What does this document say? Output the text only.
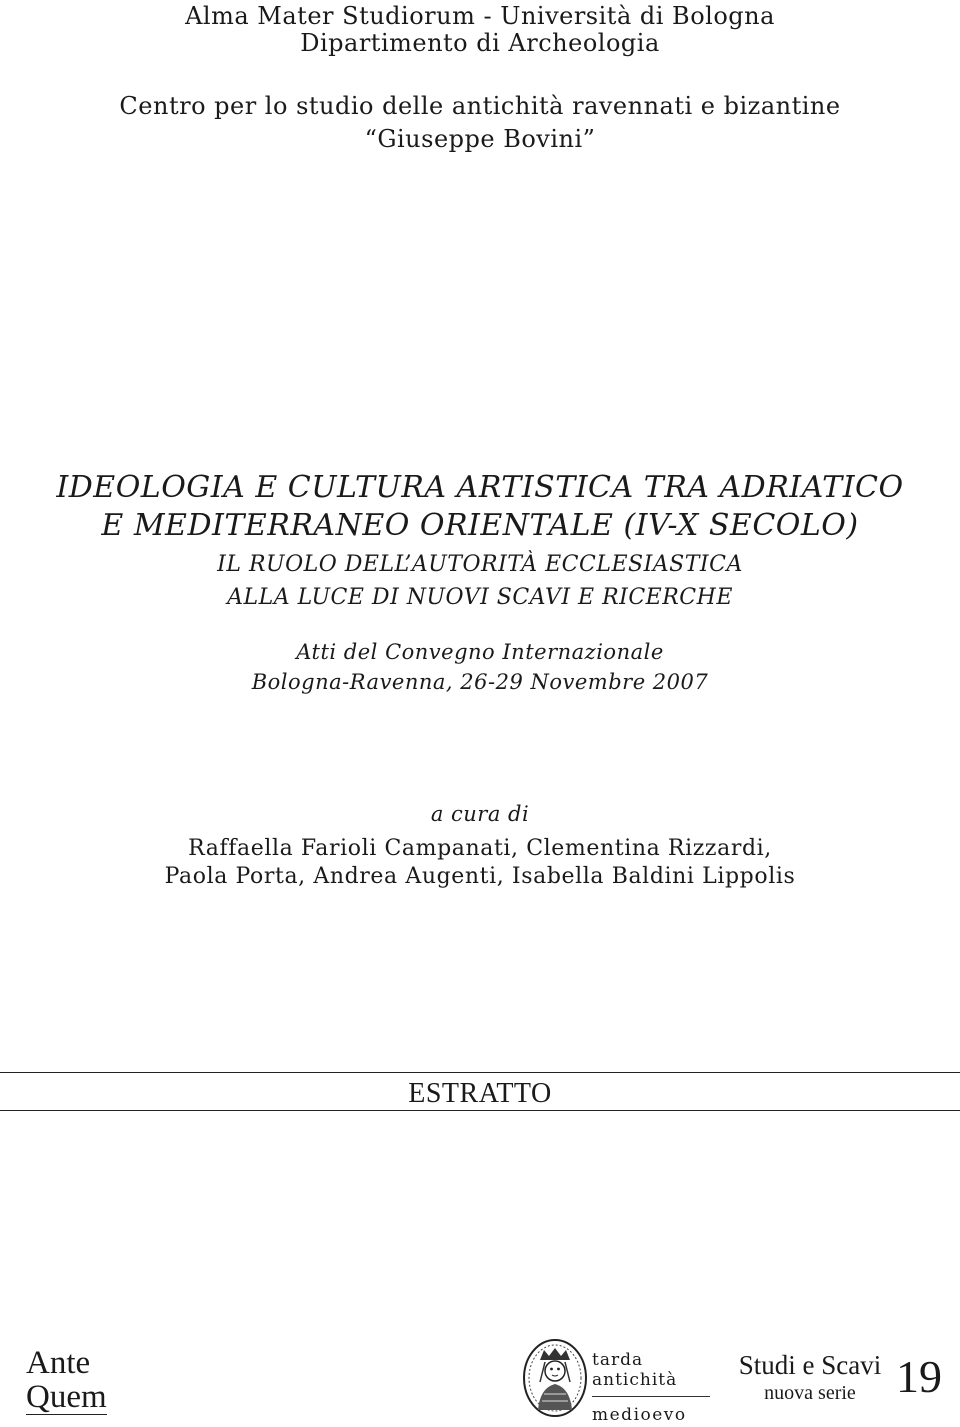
Alma Mater Studiorum - Università di Bologna
Dipartimento di Archeologia
Centro per lo studio delle antichità ravennati e bizantine
“Giuseppe Bovini”
IDEOLOGIA E CULTURA ARTISTICA TRA ADRIATICO
E MEDITERRANEO ORIENTALE (IV-X SECOLO)
IL RUOLO DELL’AUTORITÀ ECCLESIASTICA
ALLA LUCE DI NUOVI SCAVI E RICERCHE
Atti del Convegno Internazionale
Bologna-Ravenna, 26-29 Novembre 2007
a cura di
Raffaella Farioli Campanati, Clementina Rizzardi,
Paola Porta, Andrea Augenti, Isabella Baldini Lippolis
ESTRATTO
Ante
Quem
tarda antichità
medioevo
Studi e Scavi
nuova serie 19
